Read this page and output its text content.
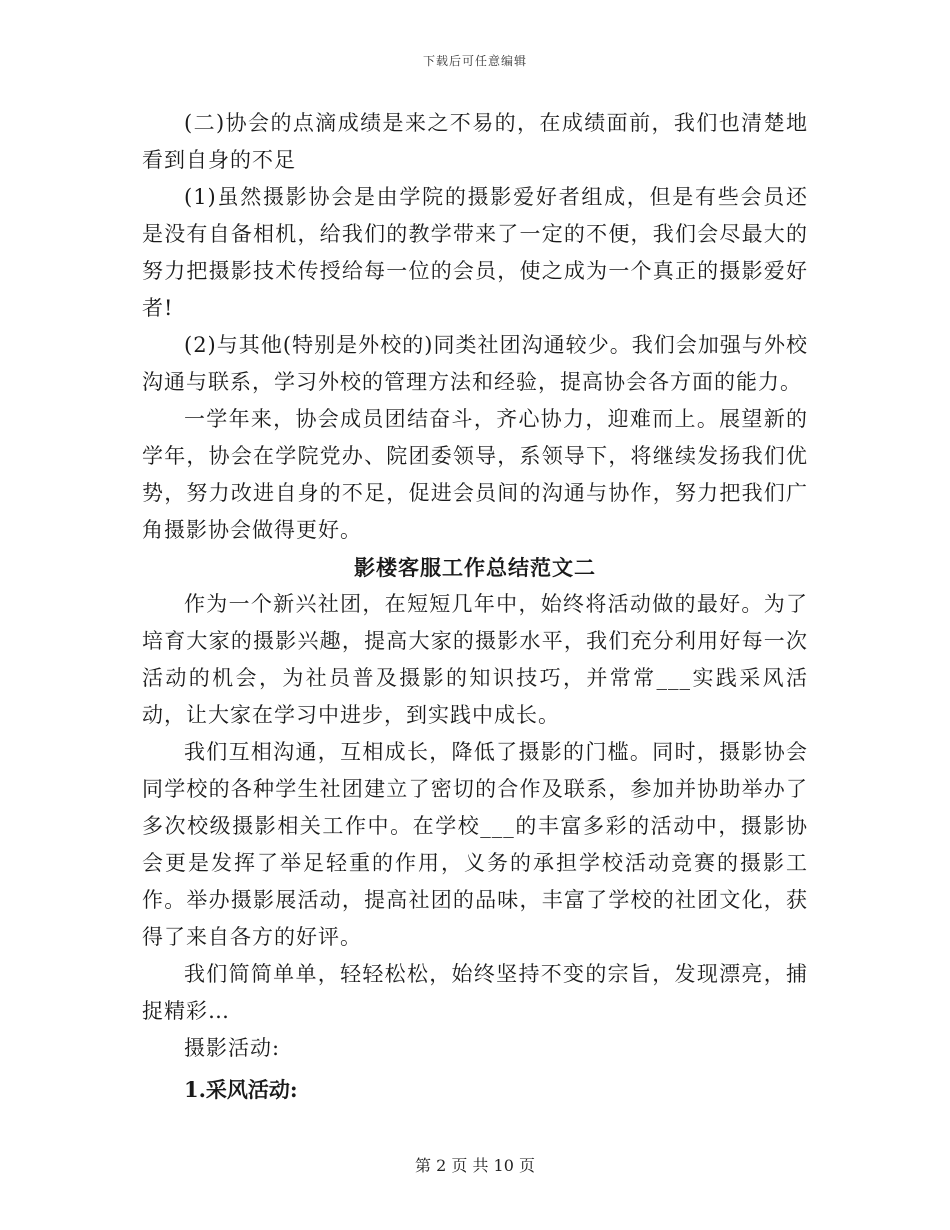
下载后可任意编辑

(二)协会的点滴成绩是来之不易的，在成绩面前，我们也清楚地看到自身的不足

(1)虽然摄影协会是由学院的摄影爱好者组成，但是有些会员还是没有自备相机，给我们的教学带来了一定的不便，我们会尽最大的努力把摄影技术传授给每一位的会员，使之成为一个真正的摄影爱好者!

(2)与其他(特别是外校的)同类社团沟通较少。我们会加强与外校沟通与联系，学习外校的管理方法和经验，提高协会各方面的能力。

一学年来，协会成员团结奋斗，齐心协力，迎难而上。展望新的学年，协会在学院党办、院团委领导，系领导下，将继续发扬我们优势，努力改进自身的不足，促进会员间的沟通与协作，努力把我们广角摄影协会做得更好。

影楼客服工作总结范文二

作为一个新兴社团，在短短几年中，始终将活动做的最好。为了培育大家的摄影兴趣，提高大家的摄影水平，我们充分利用好每一次活动的机会，为社员普及摄影的知识技巧，并常常___实践采风活动，让大家在学习中进步，到实践中成长。

我们互相沟通，互相成长，降低了摄影的门槛。同时，摄影协会同学校的各种学生社团建立了密切的合作及联系，参加并协助举办了多次校级摄影相关工作中。在学校___的丰富多彩的活动中，摄影协会更是发挥了举足轻重的作用，义务的承担学校活动竞赛的摄影工作。举办摄影展活动，提高社团的品味，丰富了学校的社团文化，获得了来自各方的好评。

我们简简单单，轻轻松松，始终坚持不变的宗旨，发现漂亮，捕捉精彩…

摄影活动:

1.采风活动:

第 2 页 共 10 页
